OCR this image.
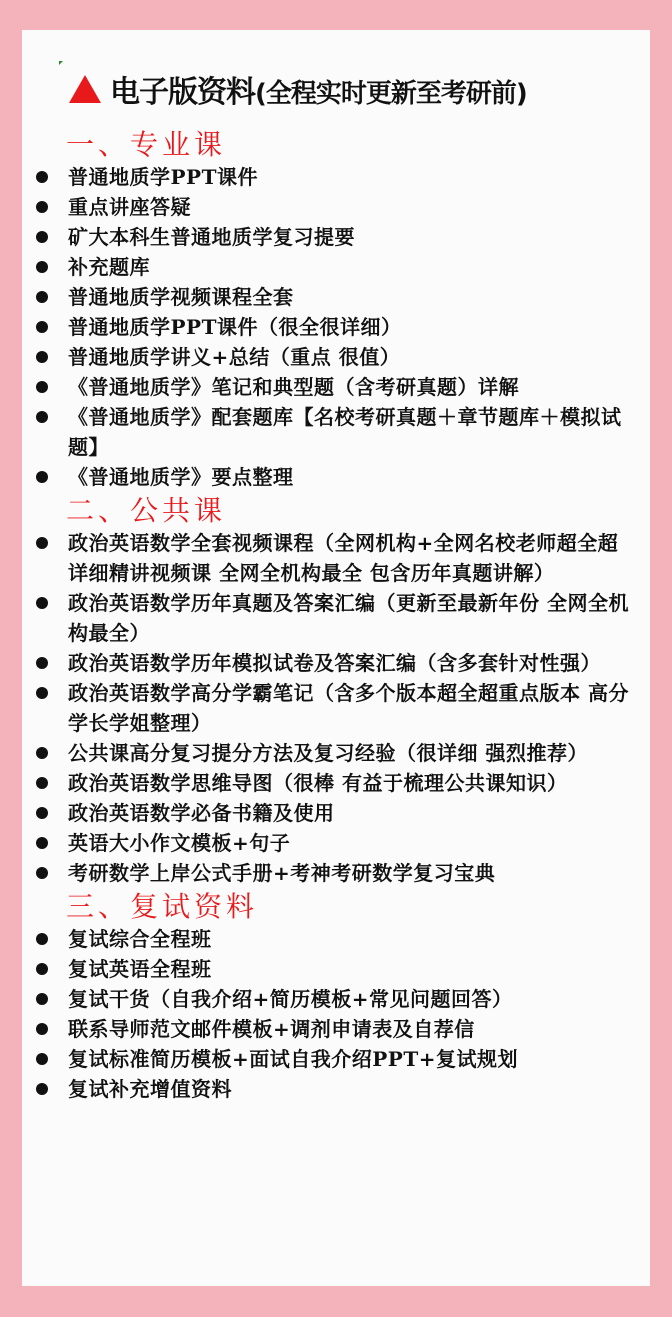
电子版资料(全程实时更新至考研前)
一、专业课
普通地质学PPT课件
重点讲座答疑
矿大本科生普通地质学复习提要
补充题库
普通地质学视频课程全套
普通地质学PPT课件（很全很详细）
普通地质学讲义+总结（重点 很值）
《普通地质学》笔记和典型题（含考研真题）详解
《普通地质学》配套题库【名校考研真题＋章节题库＋模拟试题】
《普通地质学》要点整理
二、公共课
政治英语数学全套视频课程（全网机构+全网名校老师超全超详细精讲视频课 全网全机构最全 包含历年真题讲解）
政治英语数学历年真题及答案汇编（更新至最新年份 全网全机构最全）
政治英语数学历年模拟试卷及答案汇编（含多套针对性强）
政治英语数学高分学霸笔记（含多个版本超全超重点版本 高分学长学姐整理）
公共课高分复习提分方法及复习经验（很详细 强烈推荐）
政治英语数学思维导图（很棒 有益于梳理公共课知识）
政治英语数学必备书籍及使用
英语大小作文模板+句子
考研数学上岸公式手册+考神考研数学复习宝典
三、复试资料
复试综合全程班
复试英语全程班
复试干货（自我介绍+简历模板+常见问题回答）
联系导师范文邮件模板+调剂申请表及自荐信
复试标准简历模板+面试自我介绍PPT+复试规划
复试补充增值资料
